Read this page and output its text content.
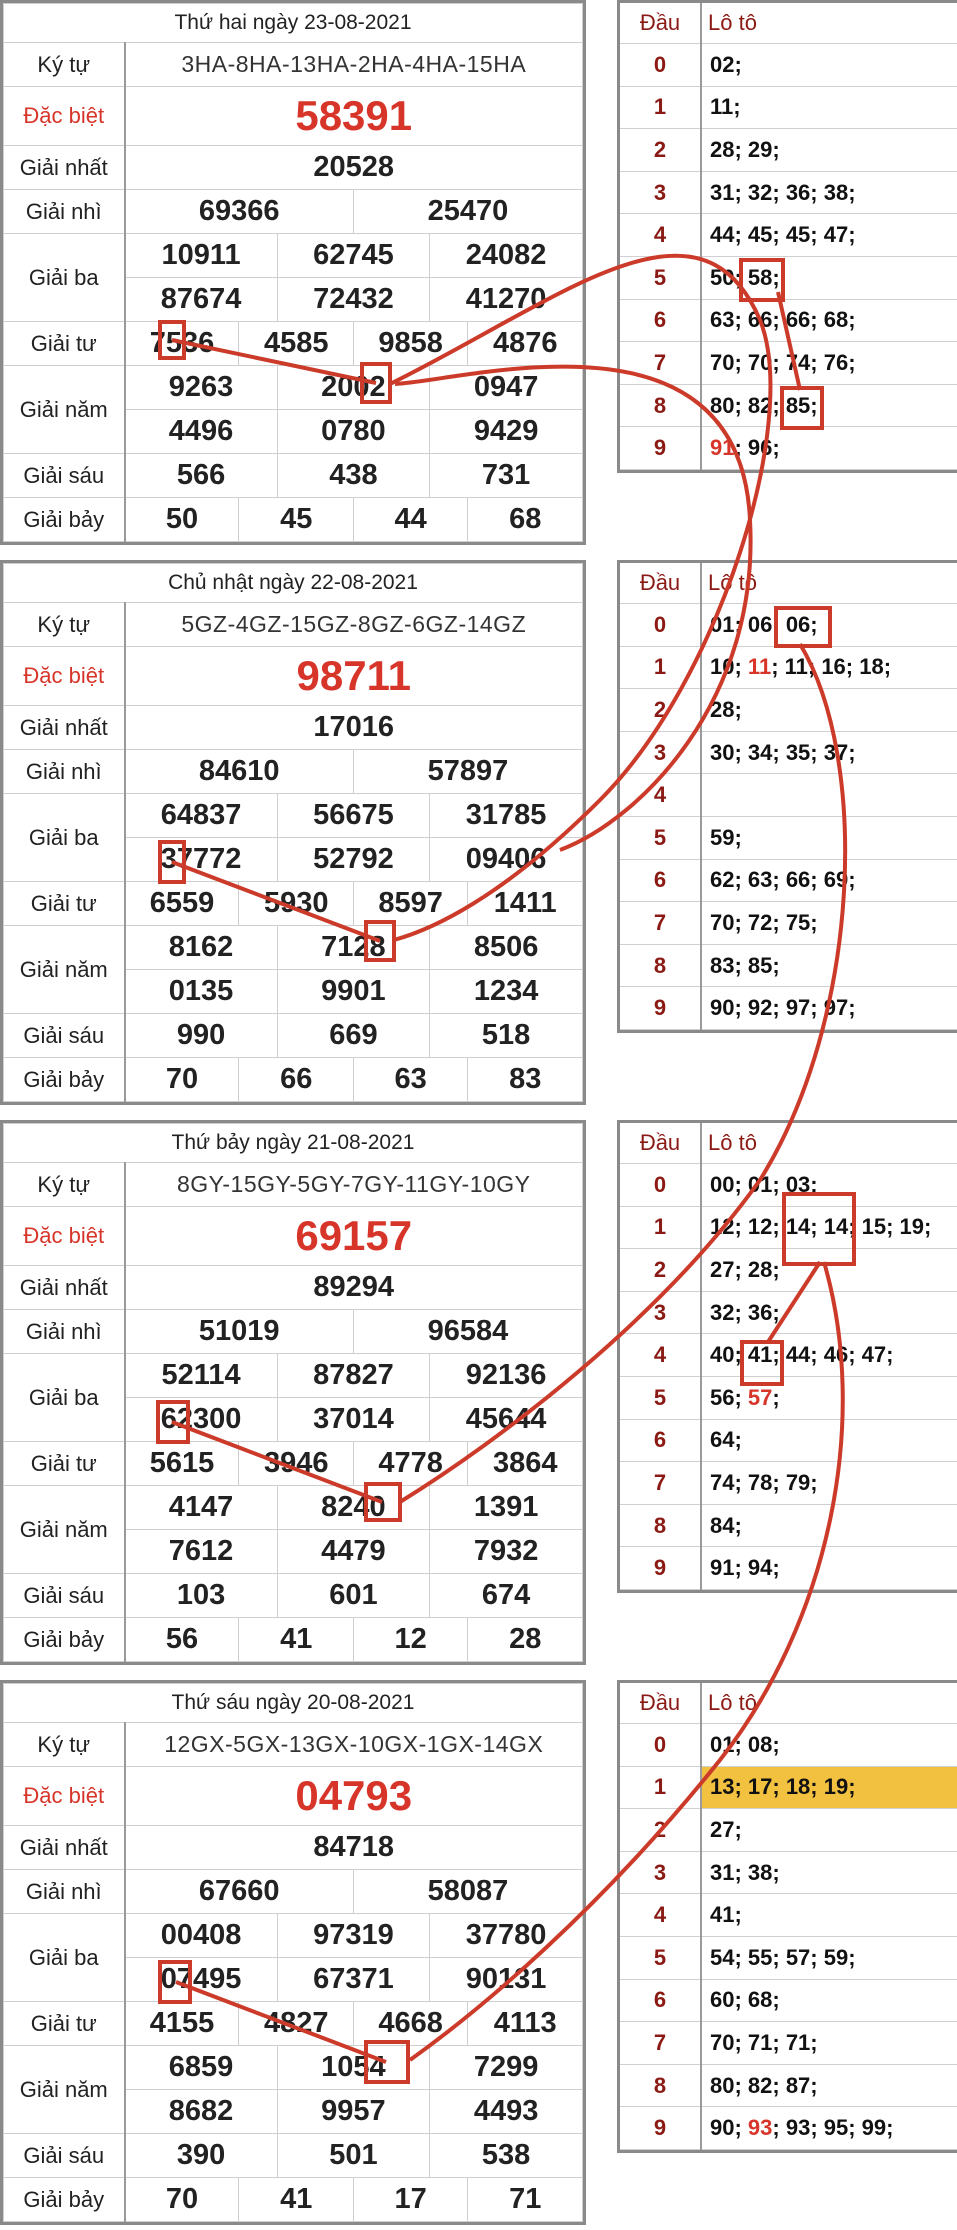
Thứ hai ngày 23-08-2021						
Ký tự	3HA-8HA-13HA-2HA-4HA-15HA					
Đặc biệt	58391					
Giải nhất	20528					
Giải nhì	69366			25470		
Giải ba	10911		62745		24082	
	87674		72432		41270	
Giải tư	7536	4585		9858		4876
Giải năm	9263		2002		0947	
	4496		0780		9429	
Giải sáu	566		438		731	
Giải bảy	50	45		44		68
Đầu	Lô tô
0	02;
1	11;
2	28; 29;
3	31; 32; 36; 38;
4	44; 45; 45; 47;
5	50; 58;
6	63; 66; 66; 68;
7	70; 70; 74; 76;
8	80; 82; 85;
9	91; 96;
Chủ nhật ngày 22-08-2021						
Ký tự	5GZ-4GZ-15GZ-8GZ-6GZ-14GZ					
Đặc biệt	98711					
Giải nhất	17016					
Giải nhì	84610			57897		
Giải ba	64837		56675		31785	
	37772		52792		09406	
Giải tư	6559	5930		8597		1411
Giải năm	8162		7128		8506	
	0135		9901		1234	
Giải sáu	990		669		518	
Giải bảy	70	66		63		83
Đầu	Lô tô
0	01; 06; 06;
1	10; 11; 11; 16; 18;
2	28;
3	30; 34; 35; 37;
4	
5	59;
6	62; 63; 66; 69;
7	70; 72; 75;
8	83; 85;
9	90; 92; 97; 97;
Thứ bảy ngày 21-08-2021						
Ký tự	8GY-15GY-5GY-7GY-11GY-10GY					
Đặc biệt	69157					
Giải nhất	89294					
Giải nhì	51019			96584		
Giải ba	52114		87827		92136	
	62300		37014		45644	
Giải tư	5615	3946		4778		3864
Giải năm	4147		8240		1391	
	7612		4479		7932	
Giải sáu	103		601		674	
Giải bảy	56	41		12		28
Đầu	Lô tô
0	00; 01; 03;
1	12; 12; 14; 14; 15; 19;
2	27; 28;
3	32; 36;
4	40; 41; 44; 46; 47;
5	56; 57;
6	64;
7	74; 78; 79;
8	84;
9	91; 94;
Thứ sáu ngày 20-08-2021						
Ký tự	12GX-5GX-13GX-10GX-1GX-14GX					
Đặc biệt	04793					
Giải nhất	84718					
Giải nhì	67660			58087		
Giải ba	00408		97319		37780	
	07495		67371		90131	
Giải tư	4155	4827		4668		4113
Giải năm	6859		1054		7299	
	8682		9957		4493	
Giải sáu	390		501		538	
Giải bảy	70	41		17		71
Đầu	Lô tô
0	01; 08;
1	13; 17; 18; 19;
2	27;
3	31; 38;
4	41;
5	54; 55; 57; 59;
6	60; 68;
7	70; 71; 71;
8	80; 82; 87;
9	90; 93; 93; 95; 99;
